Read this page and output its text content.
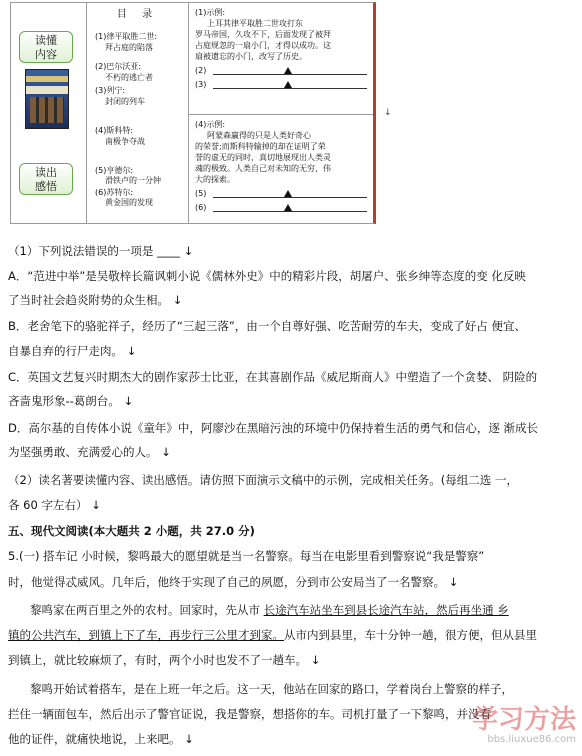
读懂
内容
读出
感悟
目 录
(1)律平取胜二世:
拜占庭的陷落
(2)巴尔沃亚:
不朽的逃亡者
(3)列宁:
封闭的列车
(4)斯科特:
南极争夺战
(5)亨德尔:
滑铁卢的一分钟
(6)苏特尔:
黄金国的发现
(1)示例:
上耳其律平取胜二世攻打东
罗马帝国，久攻不下，后面发现了被拜
占庭规忽的一扇小门，才得以成功。这
扇被遗忘的小门，改写了历史。
(2)
(3)
(4)示例:
阿蒙森赢得的只是人类好奇心
的荣誉;而斯科特输掉的却在证明了荣
誉的虚无的同时，真切地展现出人类灵
魂的极致。人类自己对未知的无穷，伟
大的探索。
(5)
(6)
↓
（1）下列说法错误的一项是 ____ ↓
A．“范进中举”是吴敬梓长篇讽刺小说《儒林外史》中的精彩片段，胡屠户、张乡绅等态度的变 化反映
了当时社会趋炎附势的众生相。 ↓
B．老舍笔下的骆驼祥子，经历了“三起三落”，由一个自尊好强、吃苦耐劳的车夫，变成了好占 便宜、
自暴自弃的行尸走肉。 ↓
C．英国文艺复兴时期杰大的剧作家莎士比亚，在其喜剧作品《威尼斯商人》中塑造了一个贪婪、 阴险的
吝啬鬼形象--葛朗台。 ↓
D．高尔基的自传体小说《童年》中，阿廖沙在黑暗污浊的环境中仍保持着生活的勇气和信心，逐 渐成长
为坚强勇敢、充满爱心的人。 ↓
（2）读名著要读懂内容、读出感悟。请仿照下面演示文稿中的示例，完成相关任务。(每组二选 一，
各 60 字左右） ↓
五、现代文阅读(本大题共 2 小题，共 27.0 分)
5.(一) 搭车记 小时候，黎鸣最大的愿望就是当一名警察。每当在电影里看到警察说“我是警察”
时，他觉得忒威风。几年后，他终于实现了自己的夙愿，分到市公安局当了一名警察。 ↓
黎鸣家在两百里之外的农村。回家时，先从市 长途汽车站坐车到县长途汽车站，然后再坐通 乡
镇的公共汽车，到镇上下了车，再步行三公里才到家。从市内到县里，车十分钟一趟，很方便，但从县里
到镇上，就比较麻烦了，有时，两个小时也发不了一趟车。 ↓
黎鸣开始试着搭车，是在上班一年之后。这一天，他站在回家的路口，学着岗台上警察的样子，
拦住一辆面包车，然后出示了警官证说，我是警察，想搭你的车。司机打量了一下黎鸣，并没看
他的证件，就痛快地说，上来吧。 ↓
学习方法
bbs.liuxue86.com
